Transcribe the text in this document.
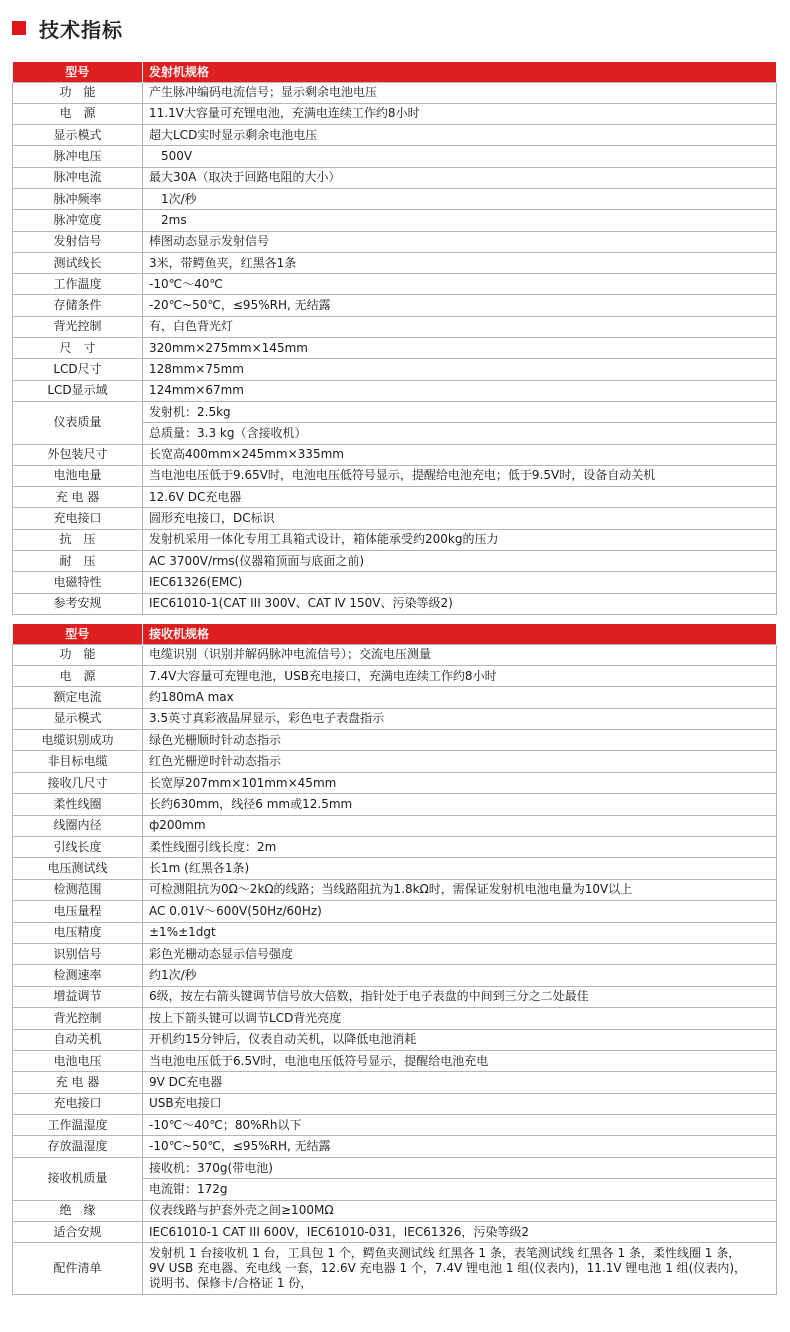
技术指标
型号	发射机规格
功　能	产生脉冲编码电流信号；显示剩余电池电压
电　源	11.1V大容量可充锂电池，充满电连续工作约8小时
显示模式	超大LCD实时显示剩余电池电压
脉冲电压	　500V
脉冲电流	最大30A（取决于回路电阻的大小）
脉冲频率	　1次/秒
脉冲宽度	　2ms
发射信号	棒图动态显示发射信号
测试线长	3米，带鳄鱼夹，红黑各1条
工作温度	-10℃～40℃
存储条件	-20℃~50℃，≤95%RH, 无结露
背光控制	有，白色背光灯
尺　寸	320mm×275mm×145mm
LCD尺寸	128mm×75mm
LCD显示域	124mm×67mm
仪表质量	发射机：2.5kg
	总质量：3.3 kg（含接收机）
外包装尺寸	长宽高400mm×245mm×335mm
电池电量	当电池电压低于9.65V时，电池电压低符号显示，提醒给电池充电；低于9.5V时，设备自动关机
充 电 器	12.6V DC充电器
充电接口	圆形充电接口，DC标识
抗　压	发射机采用一体化专用工具箱式设计，箱体能承受约200kg的压力
耐　压	AC 3700V/rms(仪器箱顶面与底面之前)
电磁特性	IEC61326(EMC)
参考安规	IEC61010-1(CAT III 300V、CAT Ⅳ 150V、污染等级2)
型号	接收机规格
功　能	电缆识别（识别并解码脉冲电流信号）；交流电压测量
电　源	7.4V大容量可充锂电池，USB充电接口，充满电连续工作约8小时
额定电流	约180mA max
显示模式	3.5英寸真彩液晶屏显示，彩色电子表盘指示
电缆识别成功	绿色光栅顺时针动态指示
非目标电缆	红色光栅逆时针动态指示
接收几尺寸	长宽厚207mm×101mm×45mm
柔性线圈	长约630mm，线径6 mm或12.5mm
线圈内径	ф200mm
引线长度	柔性线圈引线长度：2m
电压测试线	长1m (红黑各1条)
检测范围	可检测阻抗为0Ω～2kΩ的线路；当线路阻抗为1.8kΩ时，需保证发射机电池电量为10V以上
电压量程	AC 0.01V～600V(50Hz/60Hz)
电压精度	±1%±1dgt
识别信号	彩色光栅动态显示信号强度
检测速率	约1次/秒
增益调节	6级，按左右箭头键调节信号放大倍数，指针处于电子表盘的中间到三分之二处最佳
背光控制	按上下箭头键可以调节LCD背光亮度
自动关机	开机约15分钟后，仪表自动关机，以降低电池消耗
电池电压	当电池电压低于6.5V时，电池电压低符号显示，提醒给电池充电
充 电 器	9V DC充电器
充电接口	USB充电接口
工作温湿度	-10℃～40℃；80%Rh以下
存放温湿度	-10℃~50℃，≤95%RH, 无结露
接收机质量	接收机：370g(带电池)
	电流钳：172g
绝　缘	仪表线路与护套外壳之间≥100MΩ
适合安规	IEC61010-1 CAT III 600V，IEC61010-031，IEC61326，污染等级2
配件清单	发射机 1 台接收机 1 台，工具包 1 个，鳄鱼夹测试线 红黑各 1 条，表笔测试线 红黑各 1 条，柔性线圈 1 条，
9V USB 充电器、充电线 一套，12.6V 充电器 1 个，7.4V 锂电池 1 组(仪表内)，11.1V 锂电池 1 组(仪表内)，
说明书、保修卡/合格证 1 份，
